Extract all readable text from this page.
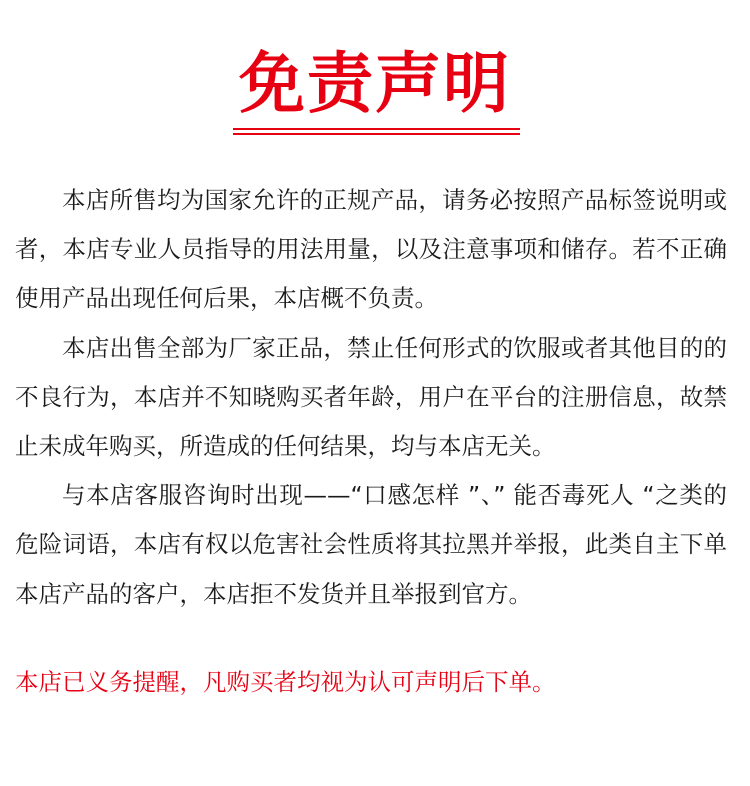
免责声明

本店所售均为国家允许的正规产品，请务必按照产品标签说明或者，本店专业人员指导的用法用量，以及注意事项和储存。若不正确使用产品出现任何后果，本店概不负责。

本店出售全部为厂家正品，禁止任何形式的饮服或者其他目的的不良行为，本店并不知晓购买者年龄，用户在平台的注册信息，故禁止未成年购买，所造成的任何结果，均与本店无关。

与本店客服咨询时出现——“口感怎样 ”、” 能否毒死人 “之类的危险词语，本店有权以危害社会性质将其拉黑并举报，此类自主下单本店产品的客户，本店拒不发货并且举报到官方。

本店已义务提醒，凡购买者均视为认可声明后下单。
